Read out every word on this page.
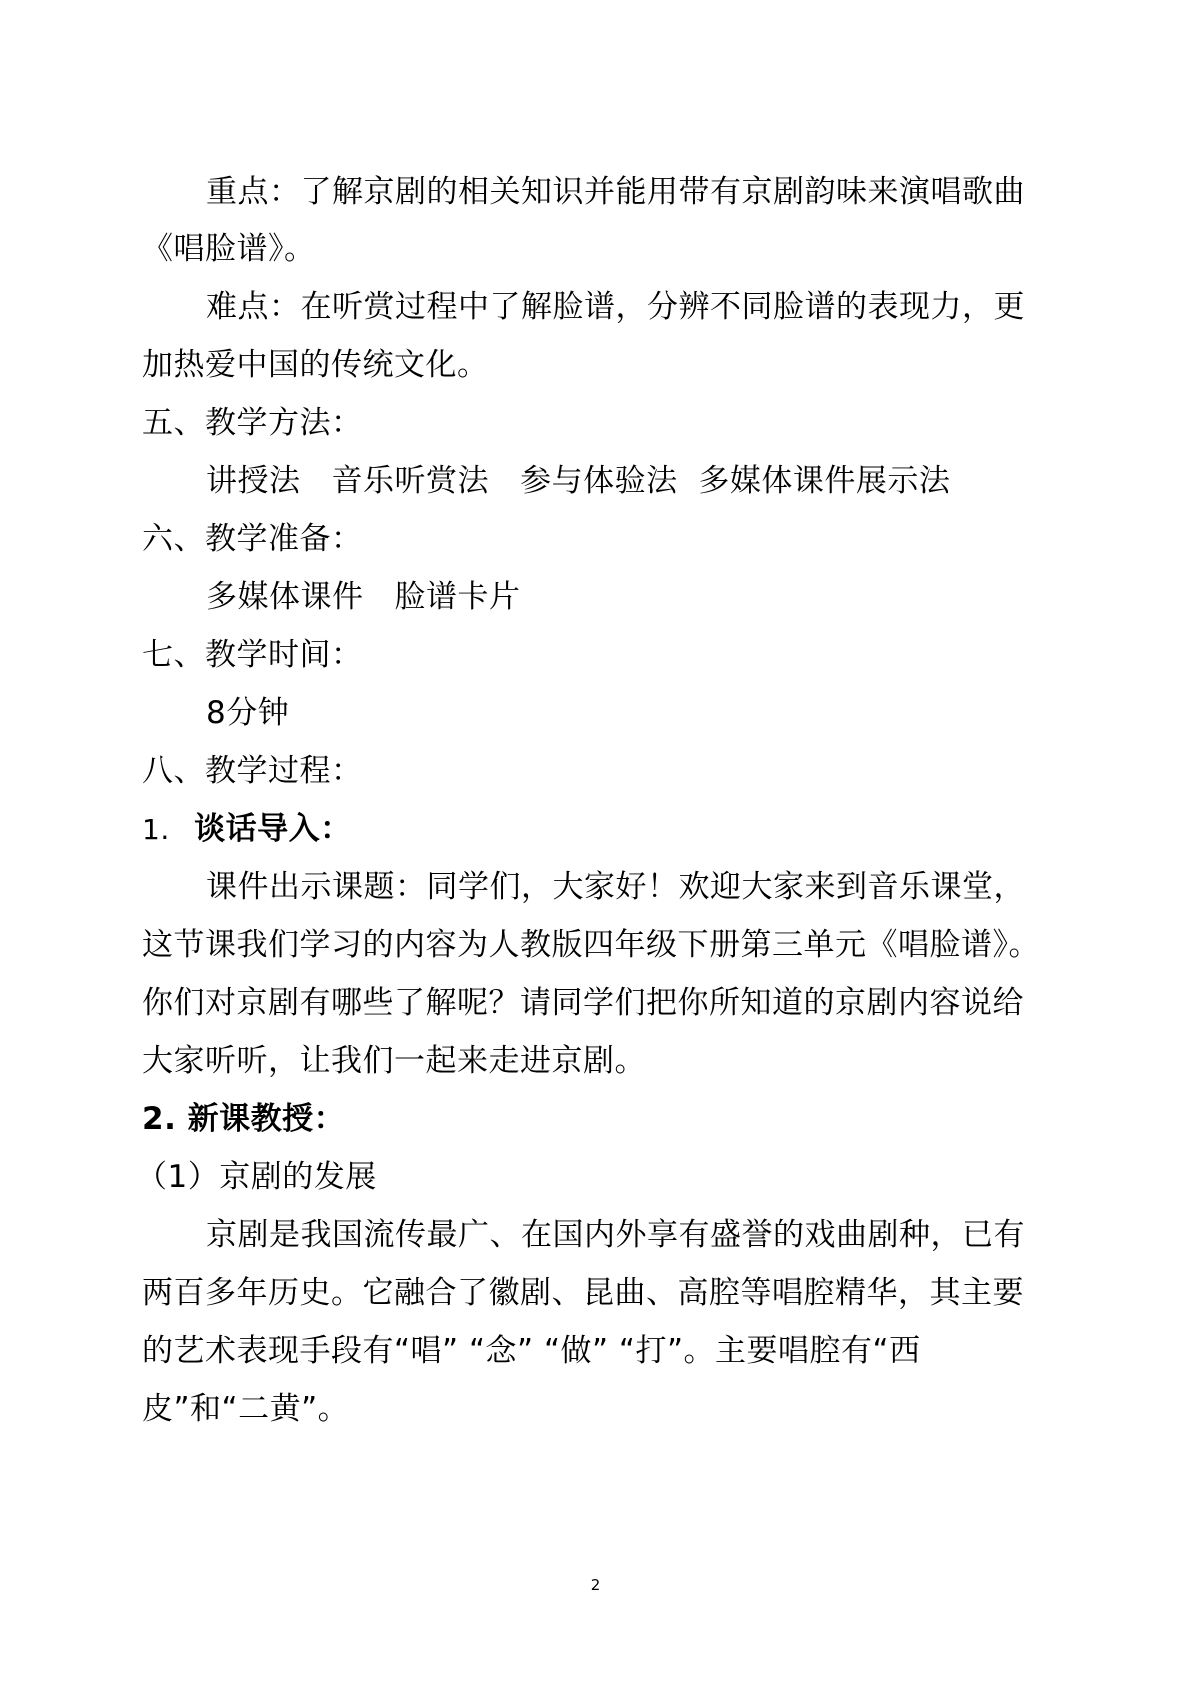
重点：了解京剧的相关知识并能用带有京剧韵味来演唱歌曲
《唱脸谱》。
难点：在听赏过程中了解脸谱，分辨不同脸谱的表现力，更
加热爱中国的传统文化。
五、教学方法：
讲授法   音乐听赏法   参与体验法  多媒体课件展示法
六、教学准备：
多媒体课件   脸谱卡片
七、教学时间：
8分钟
八、教学过程：
1. 谈话导入：
课件出示课题：同学们，大家好！欢迎大家来到音乐课堂，
这节课我们学习的内容为人教版四年级下册第三单元《唱脸谱》。
你们对京剧有哪些了解呢？请同学们把你所知道的京剧内容说给
大家听听，让我们一起来走进京剧。
2. 新课教授：
（1）京剧的发展
京剧是我国流传最广、在国内外享有盛誉的戏曲剧种，已有
两百多年历史。它融合了徽剧、昆曲、高腔等唱腔精华，其主要
的艺术表现手段有“唱” “念” “做” “打”。主要唱腔有“西
皮”和“二黄”。
2
